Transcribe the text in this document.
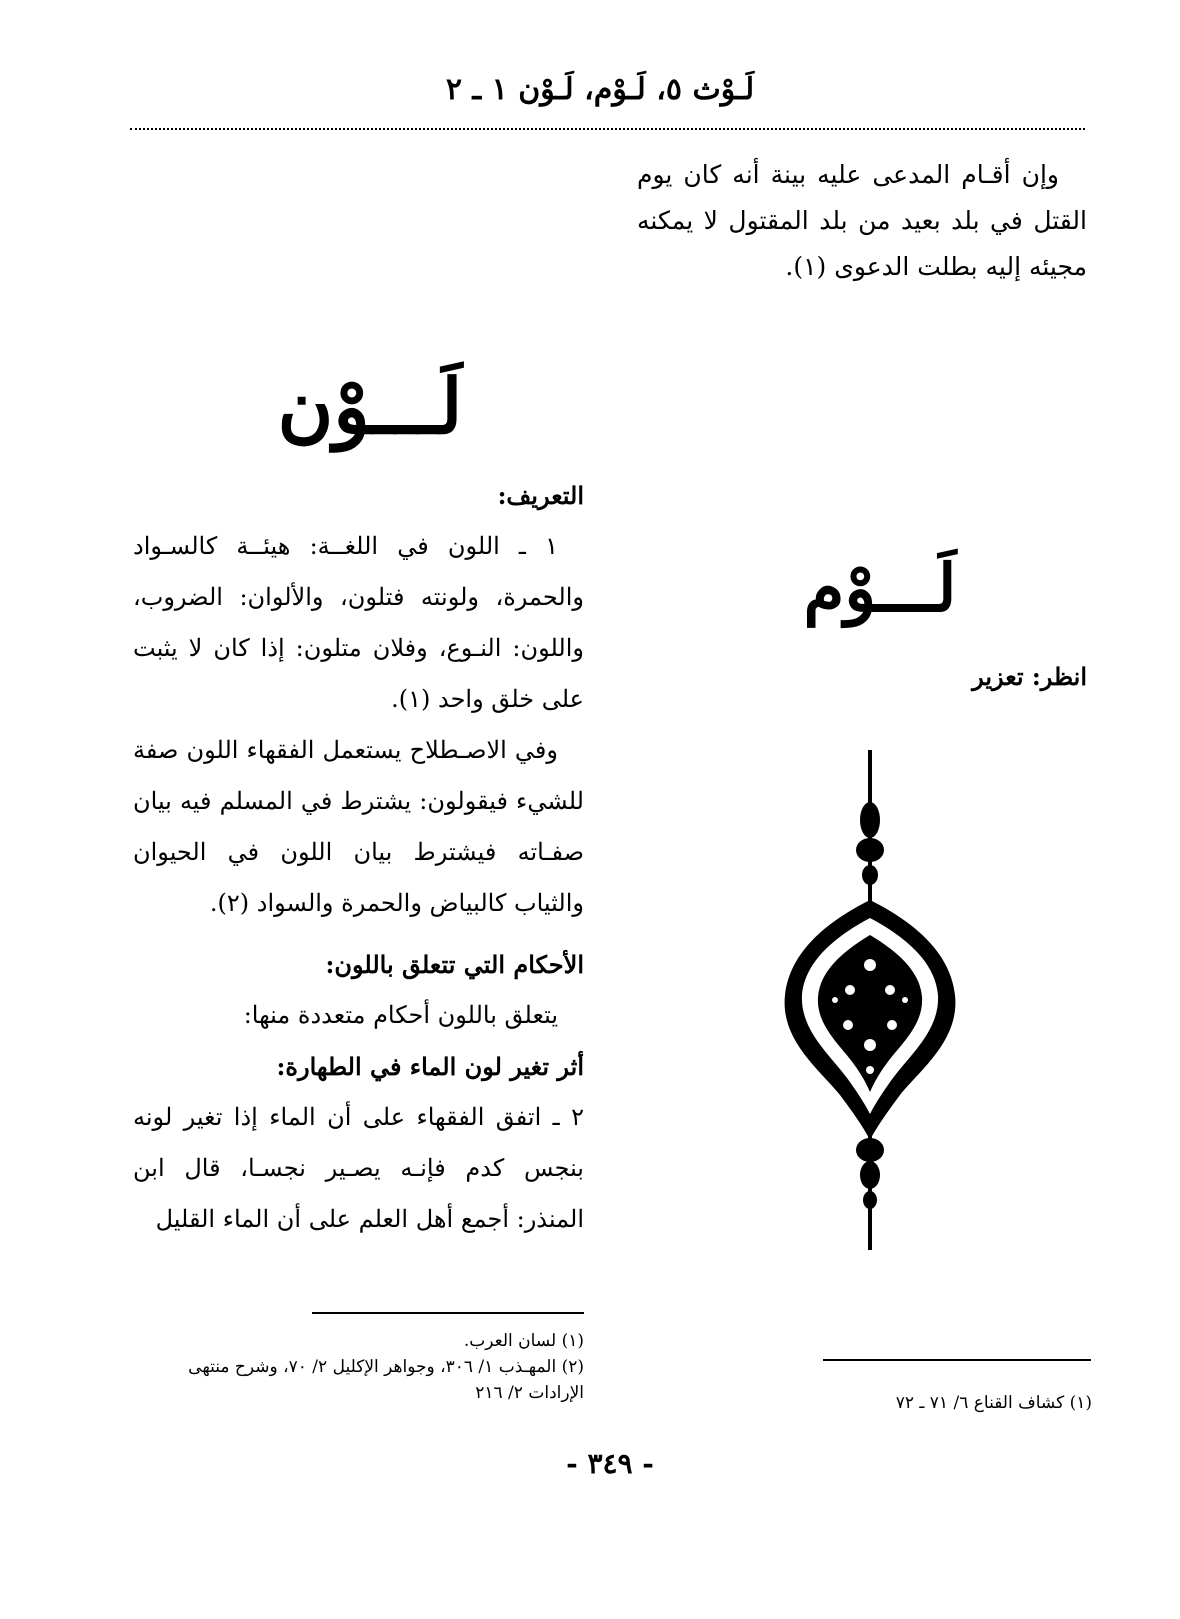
لَـوْث ٥، لَـوْم، لَـوْن ١ ـ ٢

وإن أقـام المدعى عليه بينة أنه كان يوم القتل في بلد بعيد من بلد المقتول لا يمكنه مجيئه إليه بطلت الدعوى (١).

لَـــوْن
لَـــوْم
انظر: تعزير
التعريف:

١ ـ اللون في اللغــة: هيئــة كالسـواد والحمرة، ولونته فتلون، والألوان: الضروب، واللون: النـوع، وفلان متلون: إذا كان لا يثبت على خلق واحد (١).

وفي الاصـطلاح يستعمل الفقهاء اللون صفة للشيء فيقولون: يشترط في المسلم فيه بيان صفـاته فيشترط بيان اللون في الحيوان والثياب كالبياض والحمرة والسواد (٢).

الأحكام التي تتعلق باللون:

يتعلق باللون أحكام متعددة منها:

أثر تغير لون الماء في الطهارة:

٢ ـ اتفق الفقهاء على أن الماء إذا تغير لونه بنجس كدم فإنـه يصـير نجسـا، قال ابن المنذر: أجمع أهل العلم على أن الماء القليل

(١) لسان العرب.
(٢) المهـذب ١/ ٣٠٦، وجواهر الإكليل ٢/ ٧٠، وشرح منتهى الإرادات ٢/ ٢١٦	(١) كشاف القناع ٦/ ٧١ ـ ٧٢
- ٣٤٩ -
